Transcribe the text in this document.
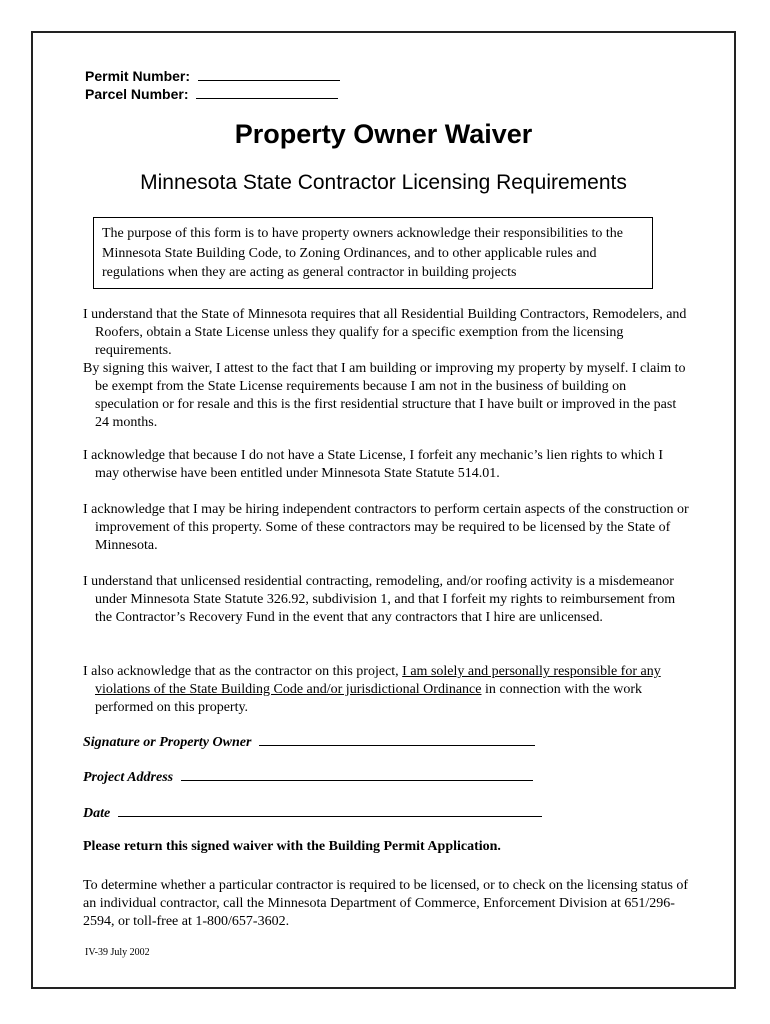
Permit Number:
Parcel Number:
Property Owner Waiver
Minnesota State Contractor Licensing Requirements
The purpose of this form is to have property owners acknowledge their responsibilities to the Minnesota State Building Code, to Zoning Ordinances, and to other applicable rules and regulations when they are acting as general contractor in building projects

I understand that the State of Minnesota requires that all Residential Building Contractors, Remodelers, and Roofers, obtain a State License unless they qualify for a specific exemption from the licensing requirements.

By signing this waiver, I attest to the fact that I am building or improving my property by myself. I claim to be exempt from the State License requirements because I am not in the business of building on speculation or for resale and this is the first residential structure that I have built or improved in the past 24 months.

I acknowledge that because I do not have a State License, I forfeit any mechanic’s lien rights to which I may otherwise have been entitled under Minnesota State Statute 514.01.

I acknowledge that I may be hiring independent contractors to perform certain aspects of the construction or improvement of this property. Some of these contractors may be required to be licensed by the State of Minnesota.

I understand that unlicensed residential contracting, remodeling, and/or roofing activity is a misdemeanor under Minnesota State Statute 326.92, subdivision 1, and that I forfeit my rights to reimbursement from the Contractor’s Recovery Fund in the event that any contractors that I hire are unlicensed.

I also acknowledge that as the contractor on this project, I am solely and personally responsible for any violations of the State Building Code and/or jurisdictional Ordinance in connection with the work performed on this property.

Signature or Property Owner
Project Address
Date
Please return this signed waiver with the Building Permit Application.
To determine whether a particular contractor is required to be licensed, or to check on the licensing status of an individual contractor, call the Minnesota Department of Commerce, Enforcement Division at 651/296-2594, or toll-free at 1-800/657-3602.
IV-39 July 2002
